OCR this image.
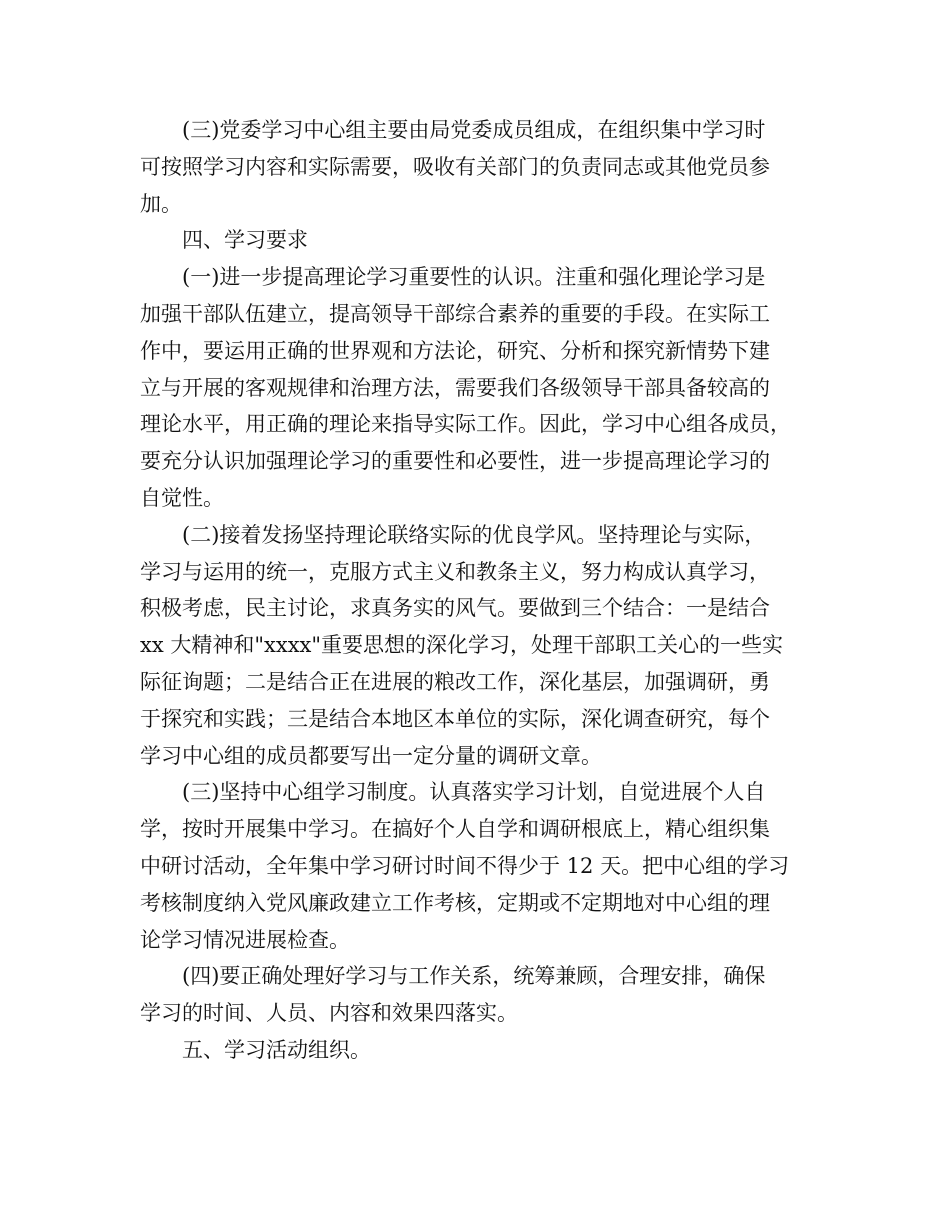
(三)党委学习中心组主要由局党委成员组成，在组织集中学习时
可按照学习内容和实际需要，吸收有关部门的负责同志或其他党员参
加。

四、学习要求

(一)进一步提高理论学习重要性的认识。注重和强化理论学习是
加强干部队伍建立，提高领导干部综合素养的重要的手段。在实际工
作中，要运用正确的世界观和方法论，研究、分析和探究新情势下建
立与开展的客观规律和治理方法，需要我们各级领导干部具备较高的
理论水平，用正确的理论来指导实际工作。因此，学习中心组各成员，
要充分认识加强理论学习的重要性和必要性，进一步提高理论学习的
自觉性。

(二)接着发扬坚持理论联络实际的优良学风。坚持理论与实际，
学习与运用的统一，克服方式主义和教条主义，努力构成认真学习，
积极考虑，民主讨论，求真务实的风气。要做到三个结合：一是结合
xx 大精神和"xxxx"重要思想的深化学习，处理干部职工关心的一些实
际征询题；二是结合正在进展的粮改工作，深化基层，加强调研，勇
于探究和实践；三是结合本地区本单位的实际，深化调查研究，每个
学习中心组的成员都要写出一定分量的调研文章。

(三)坚持中心组学习制度。认真落实学习计划，自觉进展个人自
学，按时开展集中学习。在搞好个人自学和调研根底上，精心组织集
中研讨活动，全年集中学习研讨时间不得少于 12 天。把中心组的学习
考核制度纳入党风廉政建立工作考核，定期或不定期地对中心组的理
论学习情况进展检查。

(四)要正确处理好学习与工作关系，统筹兼顾，合理安排，确保
学习的时间、人员、内容和效果四落实。

五、学习活动组织。
